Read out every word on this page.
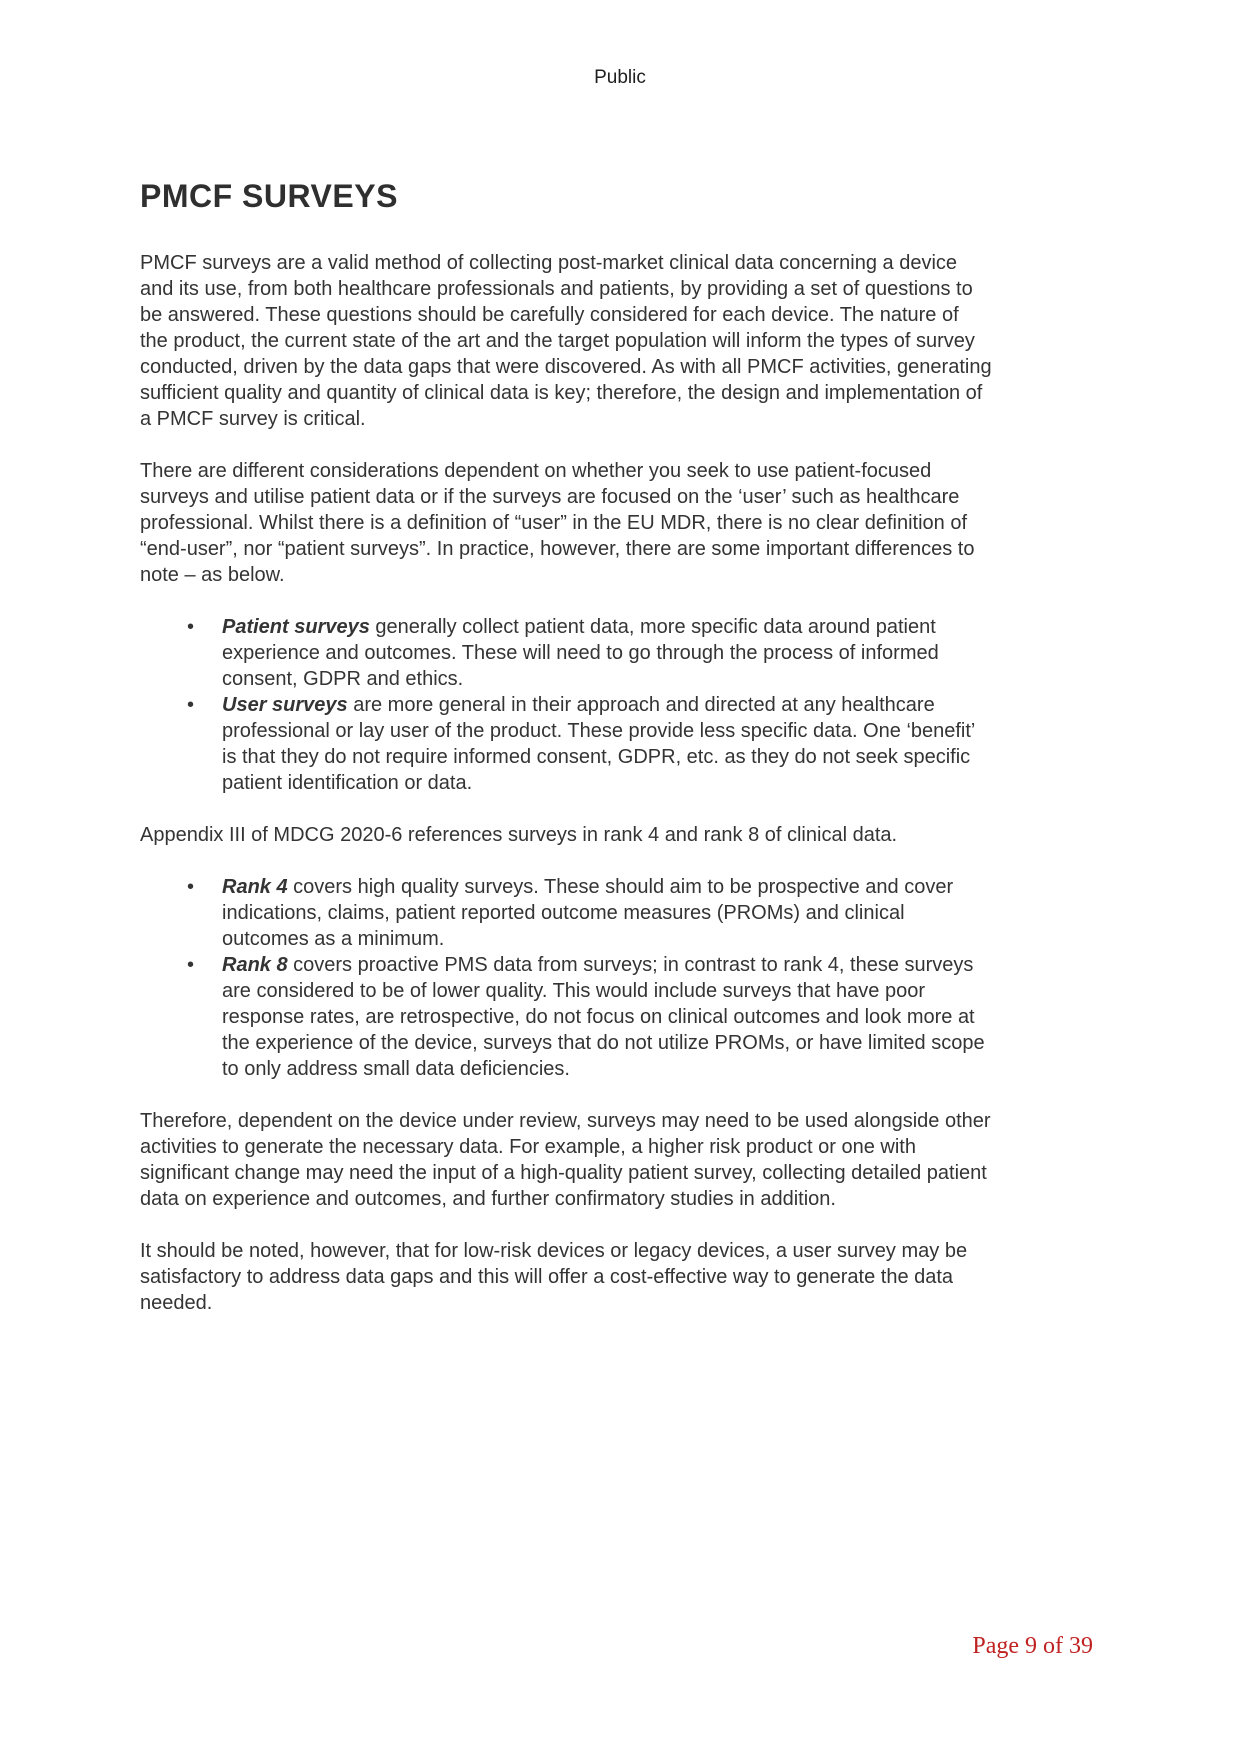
Public
PMCF SURVEYS

PMCF surveys are a valid method of collecting post-market clinical data concerning a device and its use, from both healthcare professionals and patients, by providing a set of questions to be answered. These questions should be carefully considered for each device. The nature of the product, the current state of the art and the target population will inform the types of survey conducted, driven by the data gaps that were discovered. As with all PMCF activities, generating sufficient quality and quantity of clinical data is key; therefore, the design and implementation of a PMCF survey is critical.

There are different considerations dependent on whether you seek to use patient-focused surveys and utilise patient data or if the surveys are focused on the ‘user’ such as healthcare professional. Whilst there is a definition of “user” in the EU MDR, there is no clear definition of “end-user”, nor “patient surveys”. In practice, however, there are some important differences to note – as below.

• Patient surveys generally collect patient data, more specific data around patient experience and outcomes. These will need to go through the process of informed consent, GDPR and ethics.
• User surveys are more general in their approach and directed at any healthcare professional or lay user of the product. These provide less specific data. One ‘benefit’ is that they do not require informed consent, GDPR, etc. as they do not seek specific patient identification or data.

Appendix III of MDCG 2020-6 references surveys in rank 4 and rank 8 of clinical data.

• Rank 4 covers high quality surveys. These should aim to be prospective and cover indications, claims, patient reported outcome measures (PROMs) and clinical outcomes as a minimum.
• Rank 8 covers proactive PMS data from surveys; in contrast to rank 4, these surveys are considered to be of lower quality. This would include surveys that have poor response rates, are retrospective, do not focus on clinical outcomes and look more at the experience of the device, surveys that do not utilize PROMs, or have limited scope to only address small data deficiencies.

Therefore, dependent on the device under review, surveys may need to be used alongside other activities to generate the necessary data. For example, a higher risk product or one with significant change may need the input of a high-quality patient survey, collecting detailed patient data on experience and outcomes, and further confirmatory studies in addition.

It should be noted, however, that for low-risk devices or legacy devices, a user survey may be satisfactory to address data gaps and this will offer a cost-effective way to generate the data needed.

Page 9 of 39
